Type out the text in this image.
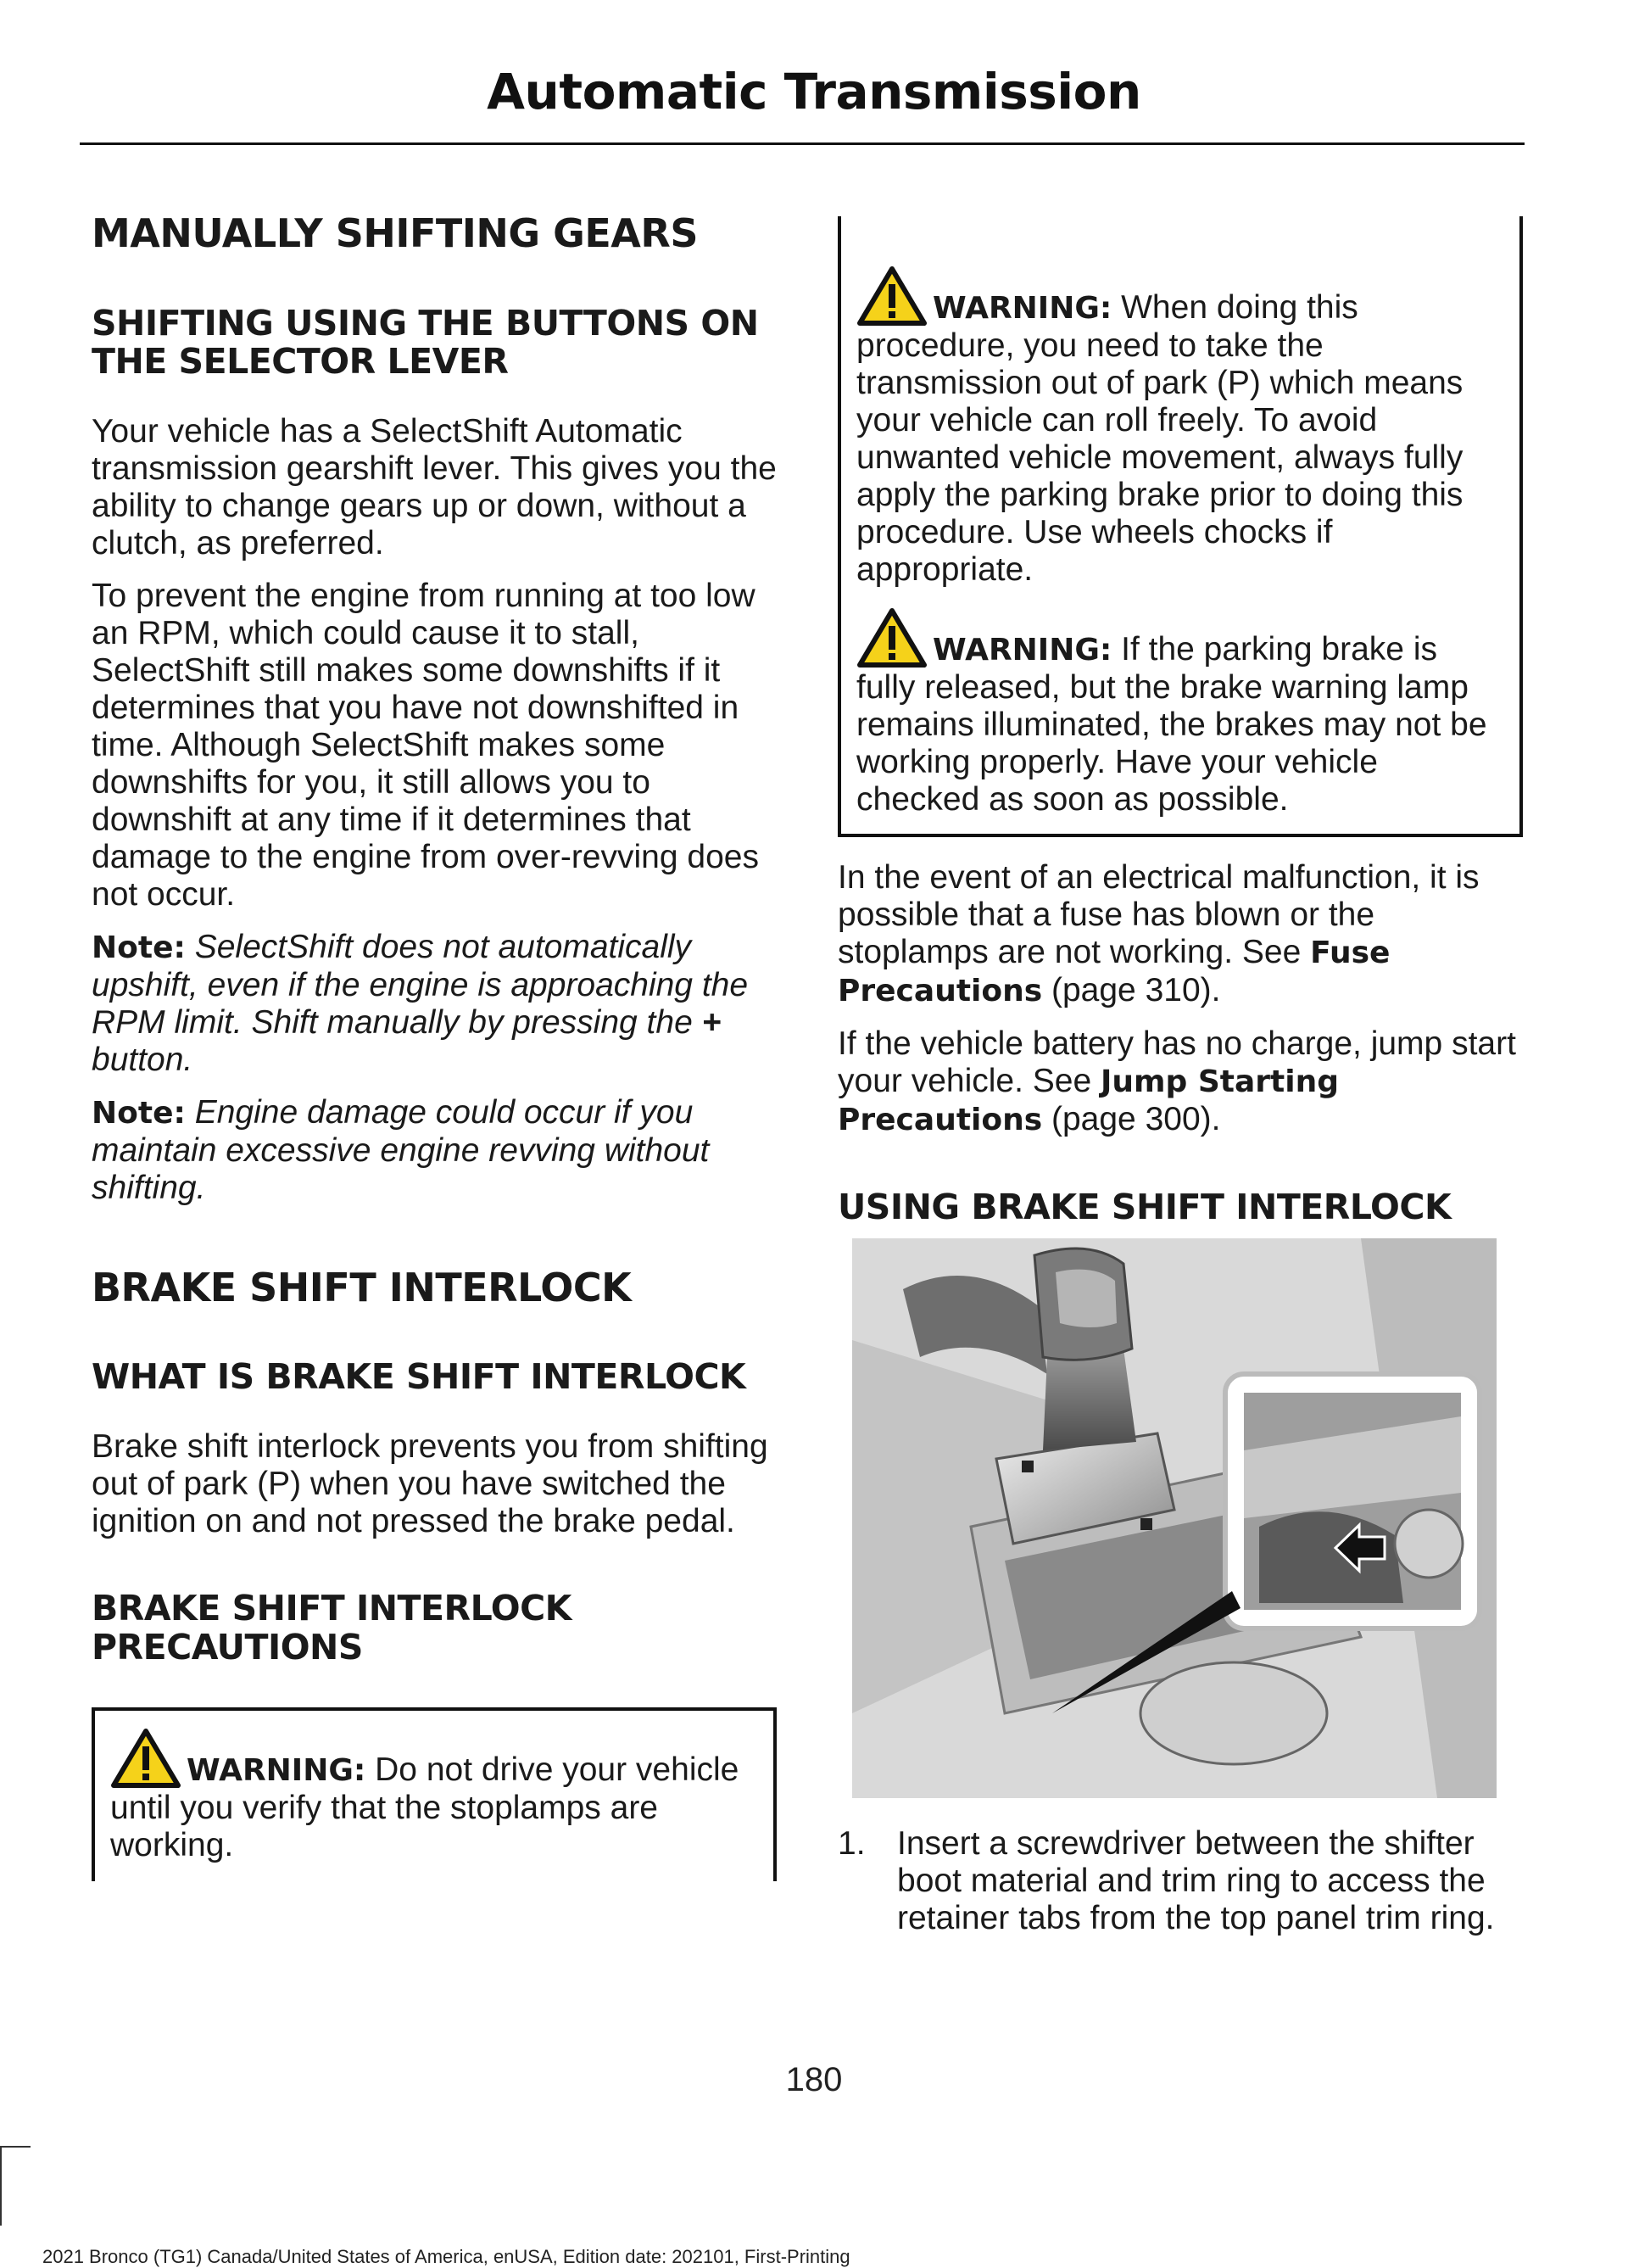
Automatic Transmission
MANUALLY SHIFTING GEARS
SHIFTING USING THE BUTTONS ON THE SELECTOR LEVER

Your vehicle has a SelectShift Automatic transmission gearshift lever. This gives you the ability to change gears up or down, without a clutch, as preferred.

To prevent the engine from running at too low an RPM, which could cause it to stall, SelectShift still makes some downshifts if it determines that you have not downshifted in time. Although SelectShift makes some downshifts for you, it still allows you to downshift at any time if it determines that damage to the engine from over-revving does not occur.

Note: SelectShift does not automatically upshift, even if the engine is approaching the RPM limit. Shift manually by pressing the + button.

Note: Engine damage could occur if you maintain excessive engine revving without shifting.

BRAKE SHIFT INTERLOCK
WHAT IS BRAKE SHIFT INTERLOCK

Brake shift interlock prevents you from shifting out of park (P) when you have switched the ignition on and not pressed the brake pedal.

BRAKE SHIFT INTERLOCK PRECAUTIONS

WARNING: Do not drive your vehicle until you verify that the stoplamps are working.

WARNING: When doing this procedure, you need to take the transmission out of park (P) which means your vehicle can roll freely. To avoid unwanted vehicle movement, always fully apply the parking brake prior to doing this procedure. Use wheels chocks if appropriate.

WARNING: If the parking brake is fully released, but the brake warning lamp remains illuminated, the brakes may not be working properly. Have your vehicle checked as soon as possible.

In the event of an electrical malfunction, it is possible that a fuse has blown or the stoplamps are not working. See Fuse Precautions (page 310).

If the vehicle battery has no charge, jump start your vehicle. See Jump Starting Precautions (page 300).

USING BRAKE SHIFT INTERLOCK

1. Insert a screwdriver between the shifter boot material and trim ring to access the retainer tabs from the top panel trim ring.

180
2021 Bronco (TG1) Canada/United States of America, enUSA, Edition date: 202101, First-Printing
